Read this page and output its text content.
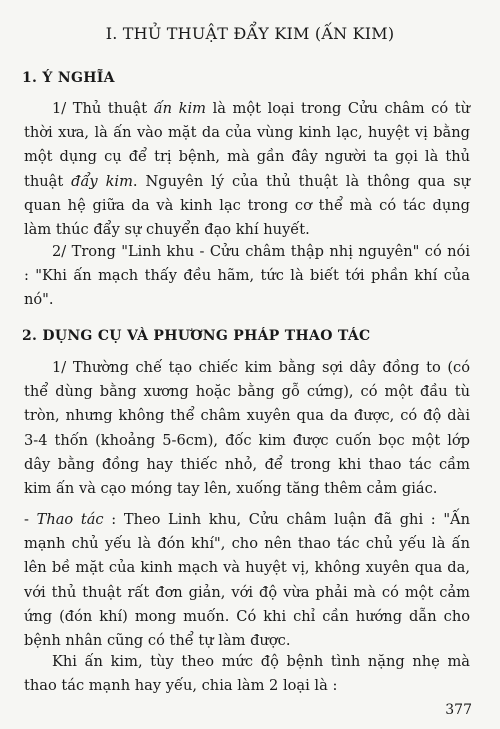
I. THỦ THUẬT ĐẨY KIM (ẤN KIM)
1. Ý NGHĨA
1/ Thủ thuật ấn kim là một loại trong Cửu châm có từ thời xưa, là ấn vào mặt da của vùng kinh lạc, huyệt vị bằng một dụng cụ để trị bệnh, mà gần đây người ta gọi là thủ thuật đẩy kim. Nguyên lý của thủ thuật là thông qua sự quan hệ giữa da và kinh lạc trong cơ thể mà có tác dụng làm thúc đẩy sự chuyển đạo khí huyết.
2/ Trong "Linh khu - Cửu châm thập nhị nguyên" có nói : "Khi ấn mạch thấy đều hãm, tức là biết tới phần khí của nó".
2. DỤNG CỤ VÀ PHƯƠNG PHÁP THAO TÁC
1/ Thường chế tạo chiếc kim bằng sợi dây đồng to (có thể dùng bằng xương hoặc bằng gỗ cứng), có một đầu tù tròn, nhưng không thể châm xuyên qua da được, có độ dài 3-4 thốn (khoảng 5-6cm), đốc kim được cuốn bọc một lớp dây bằng đồng hay thiếc nhỏ, để trong khi thao tác cầm kim ấn và cạo móng tay lên, xuống tăng thêm cảm giác.
- Thao tác : Theo Linh khu, Cửu châm luận đã ghi : "Ấn mạnh chủ yếu là đón khí", cho nên thao tác chủ yếu là ấn lên bề mặt của kinh mạch và huyệt vị, không xuyên qua da, với thủ thuật rất đơn giản, với độ vừa phải mà có một cảm ứng (đón khí) mong muốn. Có khi chỉ cần hướng dẫn cho bệnh nhân cũng có thể tự làm được.
Khi ấn kim, tùy theo mức độ bệnh tình nặng nhẹ mà thao tác mạnh hay yếu, chia làm 2 loại là :
377
